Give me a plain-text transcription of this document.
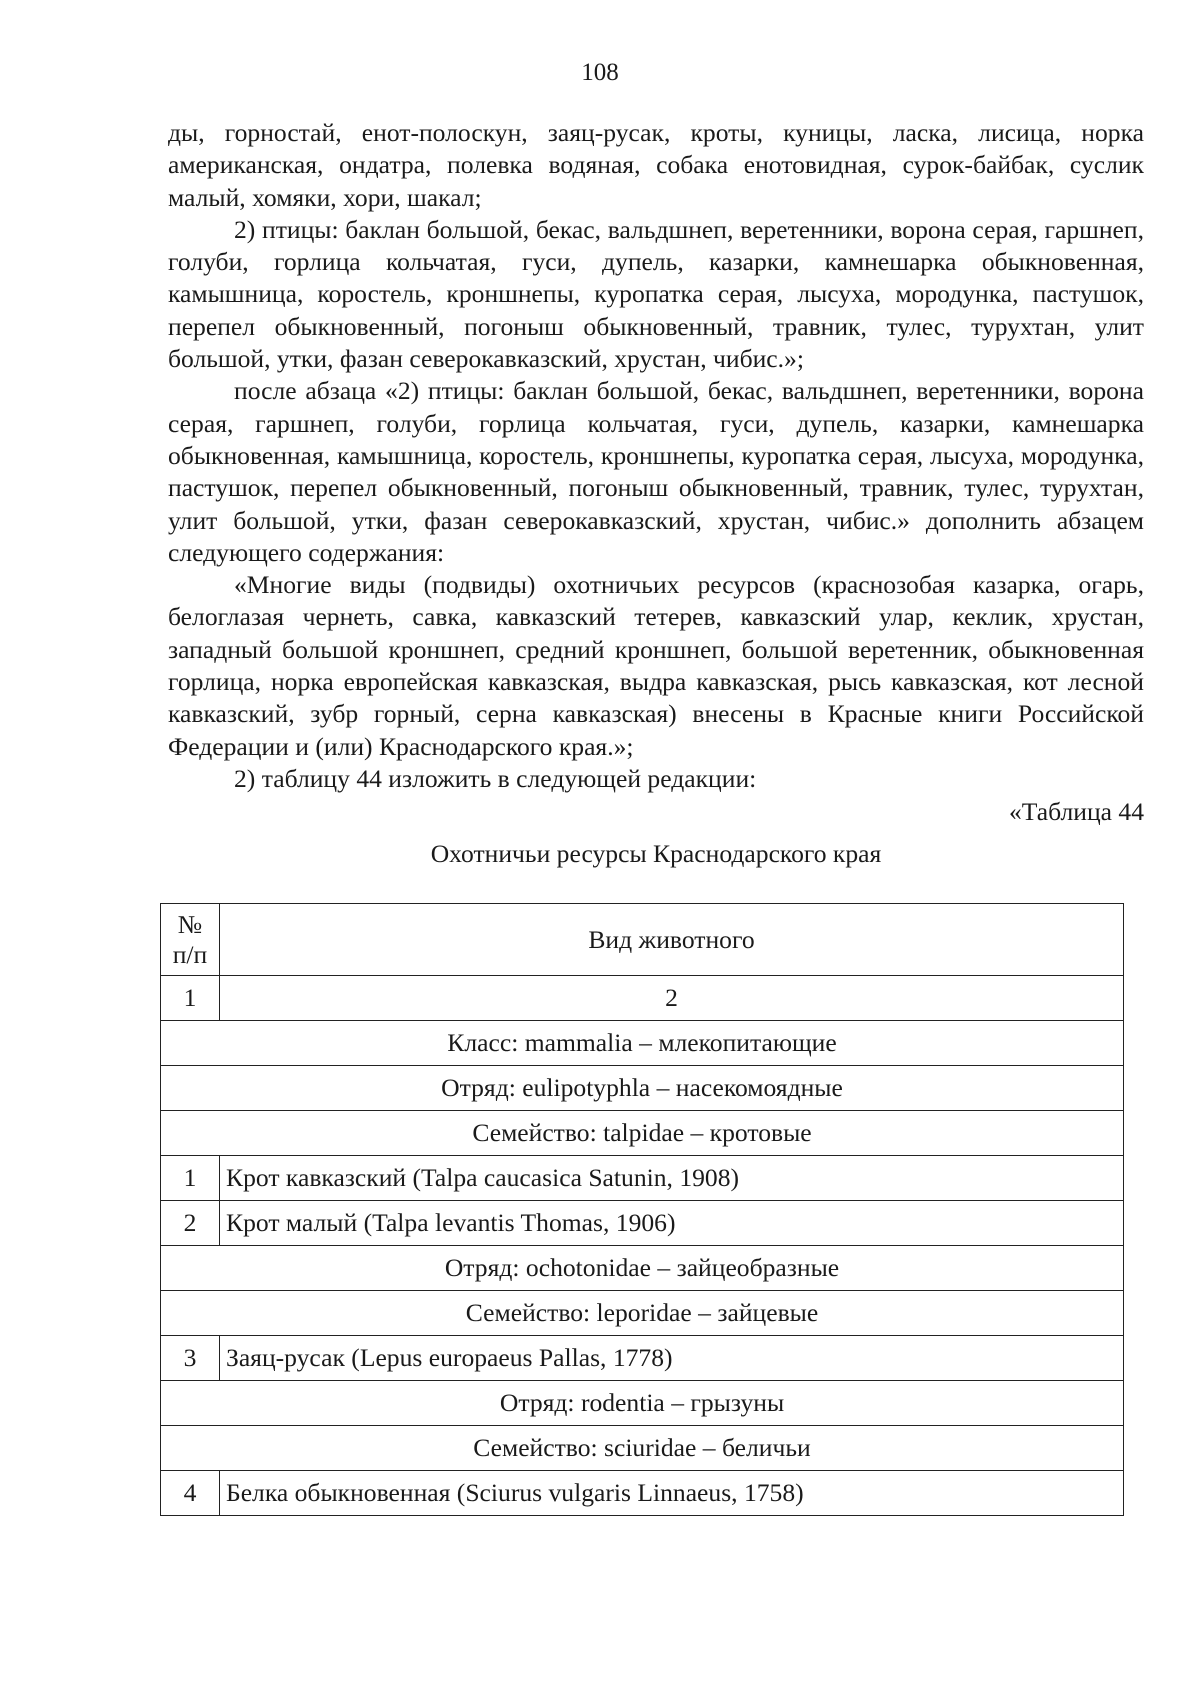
108

ды, горностай, енот-полоскун, заяц-русак, кроты, куницы, ласка, лисица, норка американская, ондатра, полевка водяная, собака енотовидная, сурок-байбак, суслик малый, хомяки, хори, шакал;

2) птицы: баклан большой, бекас, вальдшнеп, веретенники, ворона серая, гаршнеп, голуби, горлица кольчатая, гуси, дупель, казарки, камнешарка обыкновенная, камышница, коростель, кроншнепы, куропатка серая, лысуха, мородунка, пастушок, перепел обыкновенный, погоныш обыкновенный, травник, тулес, турухтан, улит большой, утки, фазан северокавказский, хрустан, чибис.»;

после абзаца «2) птицы: баклан большой, бекас, вальдшнеп, веретенники, ворона серая, гаршнеп, голуби, горлица кольчатая, гуси, дупель, казарки, камнешарка обыкновенная, камышница, коростель, кроншнепы, куропатка серая, лысуха, мородунка, пастушок, перепел обыкновенный, погоныш обыкновенный, травник, тулес, турухтан, улит большой, утки, фазан северокавказский, хрустан, чибис.» дополнить абзацем следующего содержания:

«Многие виды (подвиды) охотничьих ресурсов (краснозобая казарка, огарь, белоглазая чернеть, савка, кавказский тетерев, кавказский улар, кеклик, хрустан, западный большой кроншнеп, средний кроншнеп, большой веретенник, обыкновенная горлица, норка европейская кавказская, выдра кавказская, рысь кавказская, кот лесной кавказский, зубр горный, серна кавказская) внесены в Красные книги Российской Федерации и (или) Краснодарского края.»;

2) таблицу 44 изложить в следующей редакции:

«Таблица 44
Охотничьи ресурсы Краснодарского края
№ п/п	Вид животного
1	2
Класс: mammalia – млекопитающие	
Отряд: eulipotyphla – насекомоядные	
Семейство: talpidae – кротовые	
1	Крот кавказский (Talpa caucasica Satunin, 1908)
2	Крот малый (Talpa levantis Thomas, 1906)
Отряд: ochotonidae – зайцеобразные	
Семейство: leporidae – зайцевые	
3	Заяц-русак (Lepus europaeus Pallas, 1778)
Отряд: rodentia – грызуны	
Семейство: sciuridae – беличьи	
4	Белка обыкновенная (Sciurus vulgaris Linnaeus, 1758)
